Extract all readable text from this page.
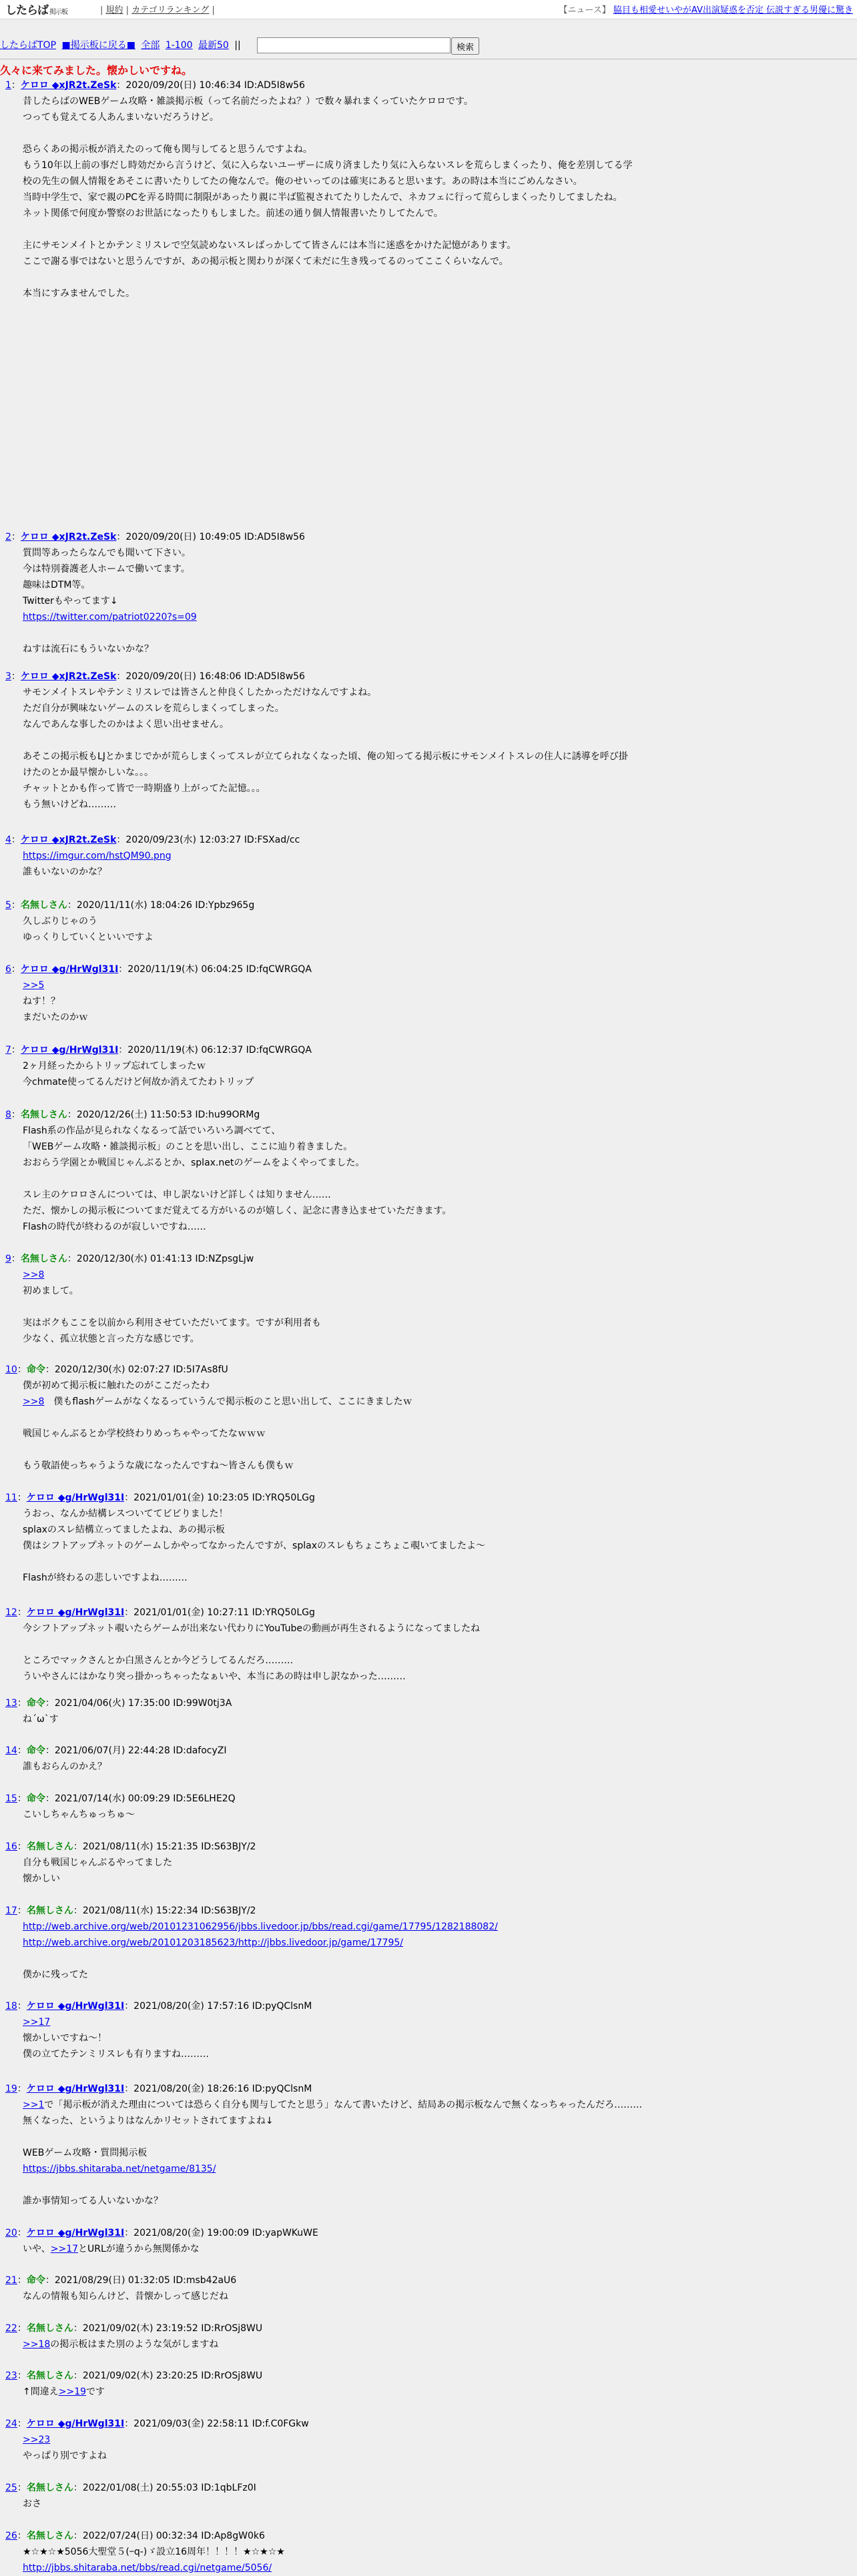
したらば 掲示板	| 規約 | カテゴリランキング |	【ニュース】 脇目も相愛せいやがAV出演疑惑を否定 伝説すぎる男優に驚き
したらばTOP ■掲示板に戻る■ 全部 1-100 最新50 ||	検索
久々に来てみました。懐かしいですね。
1：ケロロ ◆xJR2t.ZeSk：2020/09/20(日) 10:46:34 ID:AD5I8w56
昔したらばのWEBゲーム攻略・雑談掲示板（って名前だったよね？）で数々暴れまくっていたケロロです。
つっても覚えてる人あんまいないだろうけど。

恐らくあの掲示板が消えたのって俺も関与してると思うんですよね。
もう10年以上前の事だし時効だから言うけど、気に入らないユーザーに成り済ましたり気に入らないスレを荒らしまくったり、俺を差別してる学
校の先生の個人情報をあそこに書いたりしてたの俺なんで。俺のせいってのは確実にあると思います。あの時は本当にごめんなさい。
当時中学生で、家で親のPCを弄る時間に制限があったり親に半ば監視されてたりしたんで、ネカフェに行って荒らしまくったりしてましたね。
ネット関係で何度か警察のお世話になったりもしました。前述の通り個人情報書いたりしてたんで。

主にサモンメイトとかテンミリスレで空気読めないスレばっかしてて皆さんには本当に迷惑をかけた記憶があります。
ここで謝る事ではないと思うんですが、あの掲示板と関わりが深くて未だに生き残ってるのってここくらいなんで。

本当にすみませんでした。
2：ケロロ ◆xJR2t.ZeSk：2020/09/20(日) 10:49:05 ID:AD5I8w56
質問等あったらなんでも聞いて下さい。
今は特別養護老人ホームで働いてます。
趣味はDTM等。
Twitterもやってます↓
https://twitter.com/patriot0220?s=09

ねすは流石にもういないかな？
3：ケロロ ◆xJR2t.ZeSk：2020/09/20(日) 16:48:06 ID:AD5I8w56
サモンメイトスレやテンミリスレでは皆さんと仲良くしたかっただけなんですよね。
ただ自分が興味ないゲームのスレを荒らしまくってしまった。
なんであんな事したのかはよく思い出せません。

あそこの掲示板もLJとかまじでかが荒らしまくってスレが立てられなくなった頃、俺の知ってる掲示板にサモンメイトスレの住人に誘導を呼び掛
けたのとか最早懐かしいな。。。
チャットとかも作って皆で一時期盛り上がってた記憶。。。
もう無いけどね………
4：ケロロ ◆xJR2t.ZeSk：2020/09/23(水) 12:03:27 ID:FSXad/cc
https://imgur.com/hstQM90.png
誰もいないのかな？
5：名無しさん：2020/11/11(水) 18:04:26 ID:Ypbz965g
久しぶりじゃのう
ゆっくりしていくといいですよ
6：ケロロ ◆g/HrWgl31I：2020/11/19(木) 06:04:25 ID:fqCWRGQA
>>5
ねす！？
まだいたのかｗ
7：ケロロ ◆g/HrWgl31I：2020/11/19(木) 06:12:37 ID:fqCWRGQA
2ヶ月経ったからトリップ忘れてしまったｗ
今chmate使ってるんだけど何故か消えてたわトリップ
8：名無しさん：2020/12/26(土) 11:50:53 ID:hu99ORMg
Flash系の作品が見られなくなるって話でいろいろ調べてて、
「WEBゲーム攻略・雑談掲示板」のことを思い出し、ここに辿り着きました。
おおらう学園とか戦国じゃんぶるとか、splax.netのゲームをよくやってました。

スレ主のケロロさんについては、申し訳ないけど詳しくは知りません……
ただ、懐かしの掲示板についてまだ覚えてる方がいるのが嬉しく、記念に書き込ませていただきます。
Flashの時代が終わるのが寂しいですね……
9：名無しさん：2020/12/30(水) 01:41:13 ID:NZpsgLjw
>>8
初めまして。

実はボクもここを以前から利用させていただいてます。ですが利用者も
少なく、孤立状態と言った方な感じです。
10：命令：2020/12/30(水) 02:07:27 ID:5I7As8fU
僕が初めて掲示板に触れたのがここだったわ
>>8　僕もflashゲームがなくなるっていうんで掲示板のこと思い出して、ここにきましたｗ

戦国じゃんぶるとか学校終わりめっちゃやってたなｗｗｗ

もう敬語使っちゃうような歳になったんですね〜皆さんも僕もｗ
11：ケロロ ◆g/HrWgl31I：2021/01/01(金) 10:23:05 ID:YRQ50LGg
うおっ、なんか結構レスついててビビりました！
splaxのスレ結構立ってましたよね、あの掲示板
僕はシフトアップネットのゲームしかやってなかったんですが、splaxのスレもちょこちょこ覗いてましたよ〜

Flashが終わるの悲しいですよね………
12：ケロロ ◆g/HrWgl31I：2021/01/01(金) 10:27:11 ID:YRQ50LGg
今シフトアップネット覗いたらゲームが出来ない代わりにYouTubeの動画が再生されるようになってましたね

ところでマックさんとか白黒さんとか今どうしてるんだろ………
ういやさんにはかなり突っ掛かっちゃったなぁいや、本当にあの時は申し訳なかった………
13：命令：2021/04/06(火) 17:35:00 ID:99W0tj3A
ね´ω`す
14：命令：2021/06/07(月) 22:44:28 ID:dafocyZI
誰もおらんのかえ？
15：命令：2021/07/14(水) 00:09:29 ID:5E6LHE2Q
こいしちゃんちゅっちゅ〜
16：名無しさん：2021/08/11(水) 15:21:35 ID:S63BJY/2
自分も戦国じゃんぶるやってました
懐かしい
17：名無しさん：2021/08/11(水) 15:22:34 ID:S63BJY/2
http://web.archive.org/web/20101231062956/jbbs.livedoor.jp/bbs/read.cgi/game/17795/1282188082/
http://web.archive.org/web/20101203185623/http://jbbs.livedoor.jp/game/17795/

僕かに残ってた
18：ケロロ ◆g/HrWgl31I：2021/08/20(金) 17:57:16 ID:pyQClsnM
>>17
懐かしいですね〜！
僕の立てたテンミリスレも有りますね………
19：ケロロ ◆g/HrWgl31I：2021/08/20(金) 18:26:16 ID:pyQClsnM
>>1で「掲示板が消えた理由については恐らく自分も関与してたと思う」なんて書いたけど、結局あの掲示板なんで無くなっちゃったんだろ………
無くなった、というよりはなんかリセットされてますよね↓

WEBゲーム攻略・質問掲示板
https://jbbs.shitaraba.net/netgame/8135/

誰か事情知ってる人いないかな？
20：ケロロ ◆g/HrWgl31I：2021/08/20(金) 19:00:09 ID:yapWKuWE
いや、>>17とURLが違うから無関係かな
21：命令：2021/08/29(日) 01:32:05 ID:msb42aU6
なんの情報も知らんけど、昔懐かしって感じだね
22：名無しさん：2021/09/02(木) 23:19:52 ID:RrOSj8WU
>>18の掲示板はまた別のような気がしますね
23：名無しさん：2021/09/02(木) 23:20:25 ID:RrOSj8WU
↑間違え>>19です
24：ケロロ ◆g/HrWgl31I：2021/09/03(金) 22:58:11 ID:f.C0FGkw
>>23
やっぱり別ですよね
25：名無しさん：2022/01/08(土) 20:55:03 ID:1qbLFz0I
おさ
26：名無しさん：2022/07/24(日) 00:32:34 ID:Ap8gW0k6
★☆★☆★5056大聖堂５(ｰq-)ゞ設立16周年！！！！★☆★☆★
http://jbbs.shitaraba.net/bbs/read.cgi/netgame/5056/
